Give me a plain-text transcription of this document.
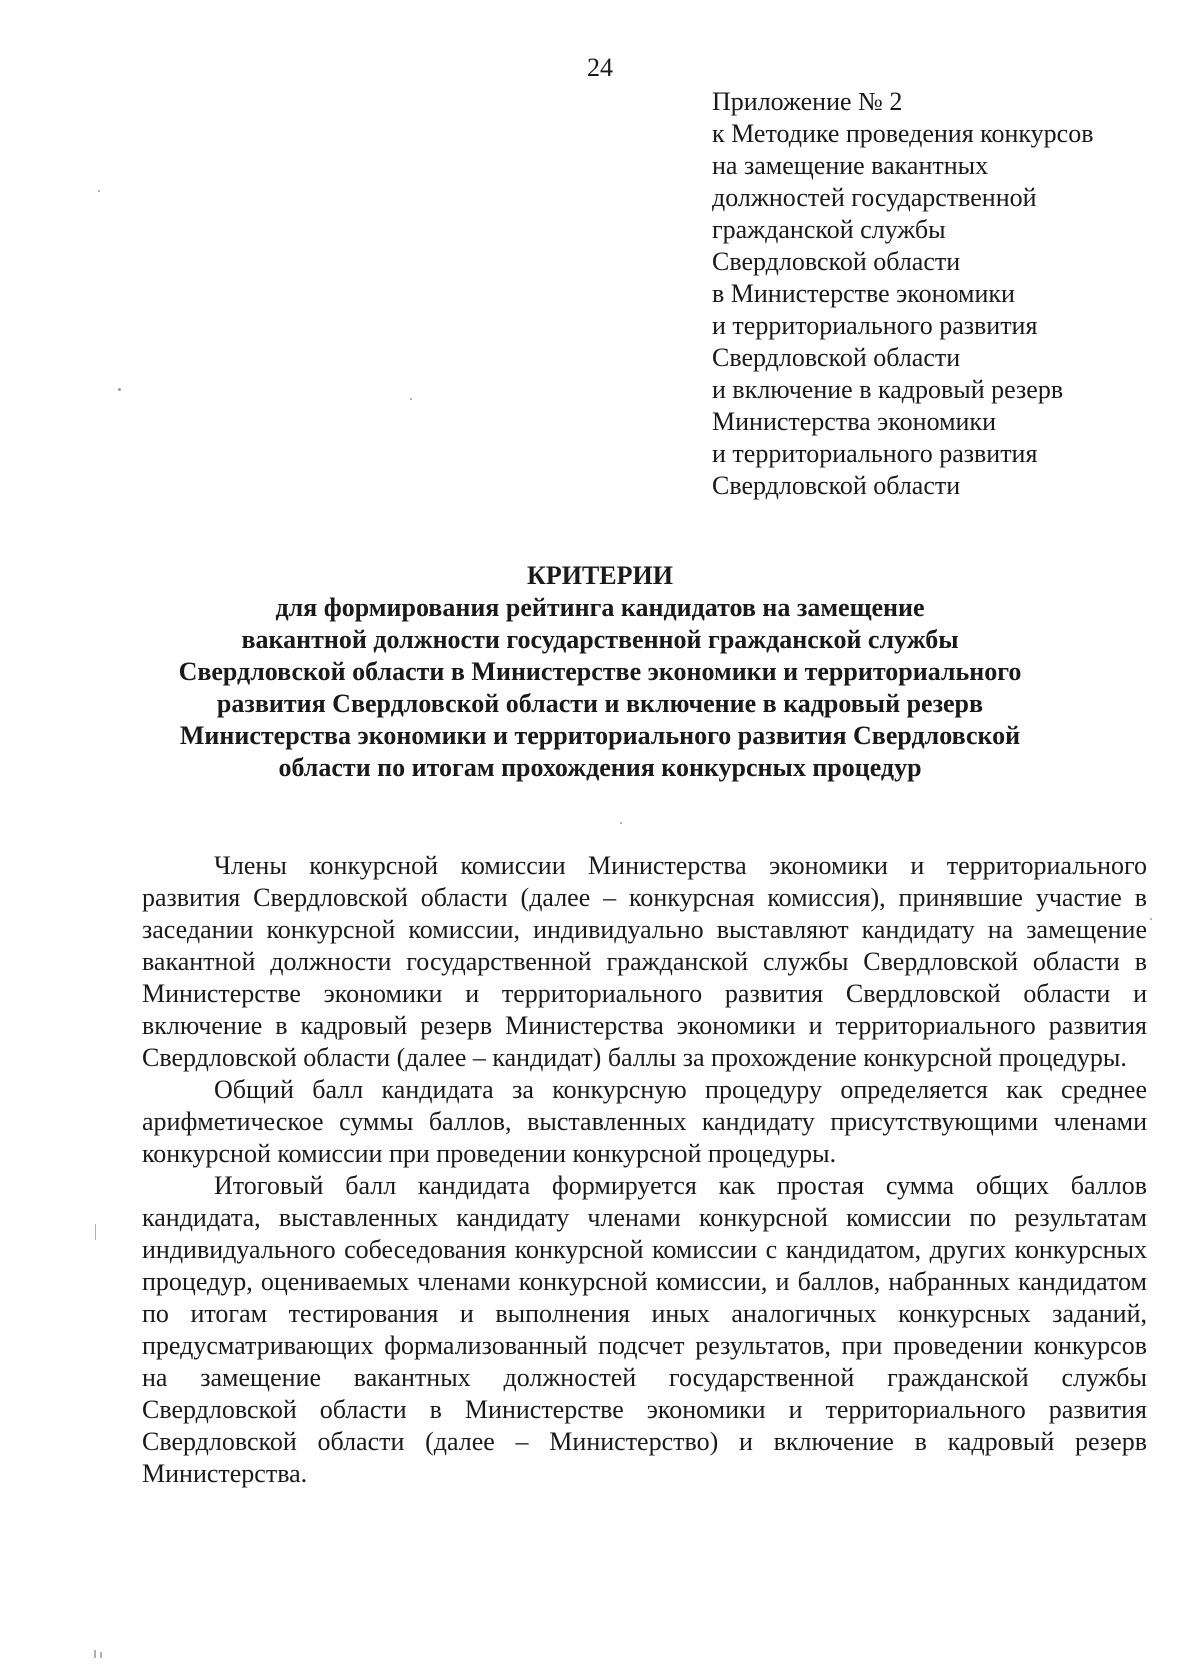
24
Приложение № 2
к Методике проведения конкурсов
на замещение вакантных
должностей государственной
гражданской службы
Свердловской области
в Министерстве экономики
и территориального развития
Свердловской области
и включение в кадровый резерв
Министерства экономики
и территориального развития
Свердловской области
КРИТЕРИИ
для формирования рейтинга кандидатов на замещение
вакантной должности государственной гражданской службы
Свердловской области в Министерстве экономики и территориального
развития Свердловской области и включение в кадровый резерв
Министерства экономики и территориального развития Свердловской
области по итогам прохождения конкурсных процедур

Члены конкурсной комиссии Министерства экономики и территориального развития Свердловской области (далее – конкурсная комиссия), принявшие участие в заседании конкурсной комиссии, индивидуально выставляют кандидату на замещение вакантной должности государственной гражданской службы Свердловской области в Министерстве экономики и территориального развития Свердловской области и включение в кадровый резерв Министерства экономики и территориального развития Свердловской области (далее – кандидат) баллы за прохождение конкурсной процедуры.

Общий балл кандидата за конкурсную процедуру определяется как среднее арифметическое суммы баллов, выставленных кандидату присутствующими членами конкурсной комиссии при проведении конкурсной процедуры.

Итоговый балл кандидата формируется как простая сумма общих баллов кандидата, выставленных кандидату членами конкурсной комиссии по результатам индивидуального собеседования конкурсной комиссии с кандидатом, других конкурсных процедур, оцениваемых членами конкурсной комиссии, и баллов, набранных кандидатом по итогам тестирования и выполнения иных аналогичных конкурсных заданий, предусматривающих формализованный подсчет результатов, при проведении конкурсов на замещение вакантных должностей государственной гражданской службы Свердловской области в Министерстве экономики и территориального развития Свердловской области (далее – Министерство) и включение в кадровый резерв Министерства.
